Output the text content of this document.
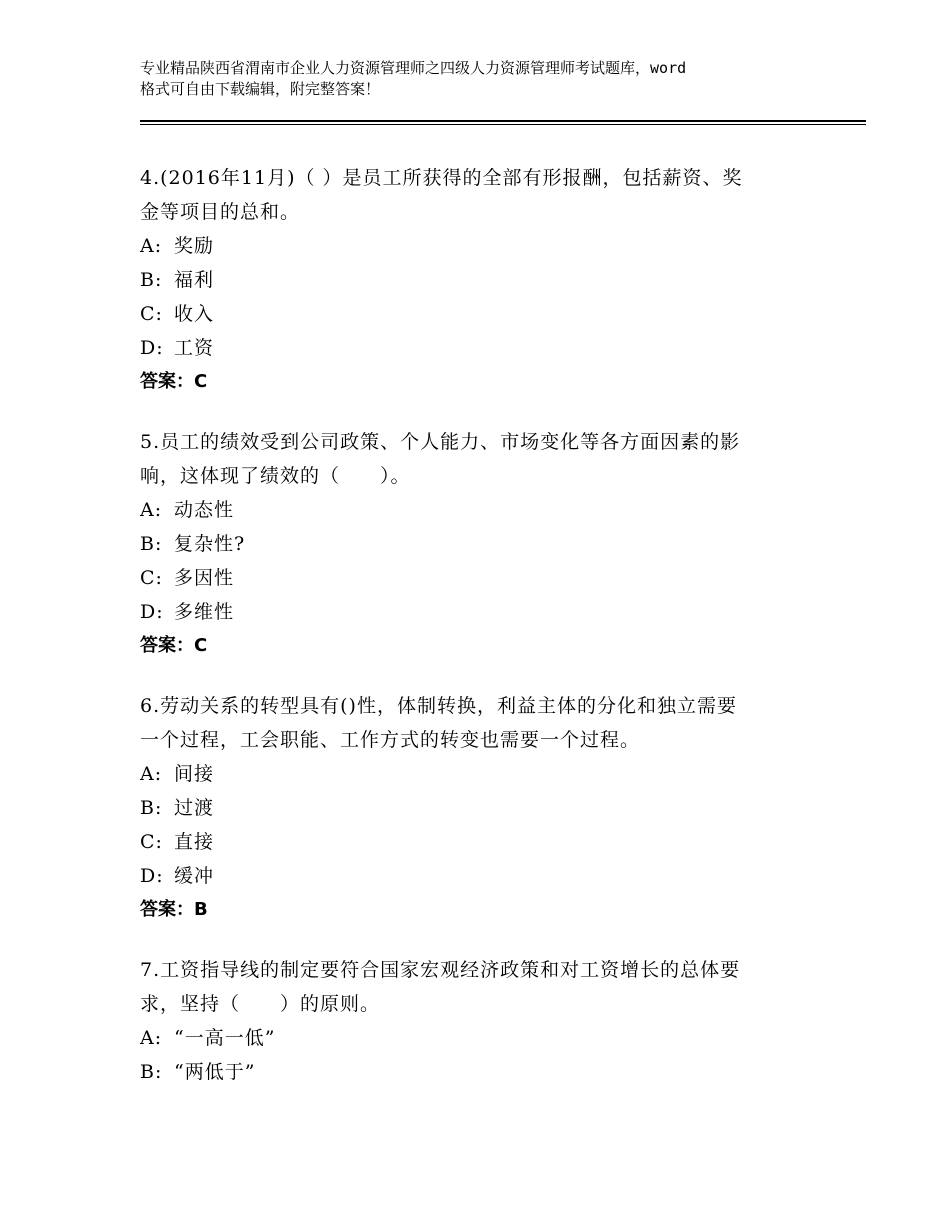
专业精品陕西省渭南市企业人力资源管理师之四级人力资源管理师考试题库，word
格式可自由下载编辑，附完整答案！
4.(2016年11月)（ ）是员工所获得的全部有形报酬，包括薪资、奖
金等项目的总和。
A: 奖励
B: 福利
C: 收入
D: 工资
答案：C
5.员工的绩效受到公司政策、个人能力、市场变化等各方面因素的影
响，这体现了绩效的（　　）。
A: 动态性
B: 复杂性?
C: 多因性
D: 多维性
答案：C
6.劳动关系的转型具有()性，体制转换，利益主体的分化和独立需要
一个过程，工会职能、工作方式的转变也需要一个过程。
A: 间接
B: 过渡
C: 直接
D: 缓冲
答案：B
7.工资指导线的制定要符合国家宏观经济政策和对工资增长的总体要
求，坚持（　　）的原则。
A: “一高一低”
B: “两低于”
